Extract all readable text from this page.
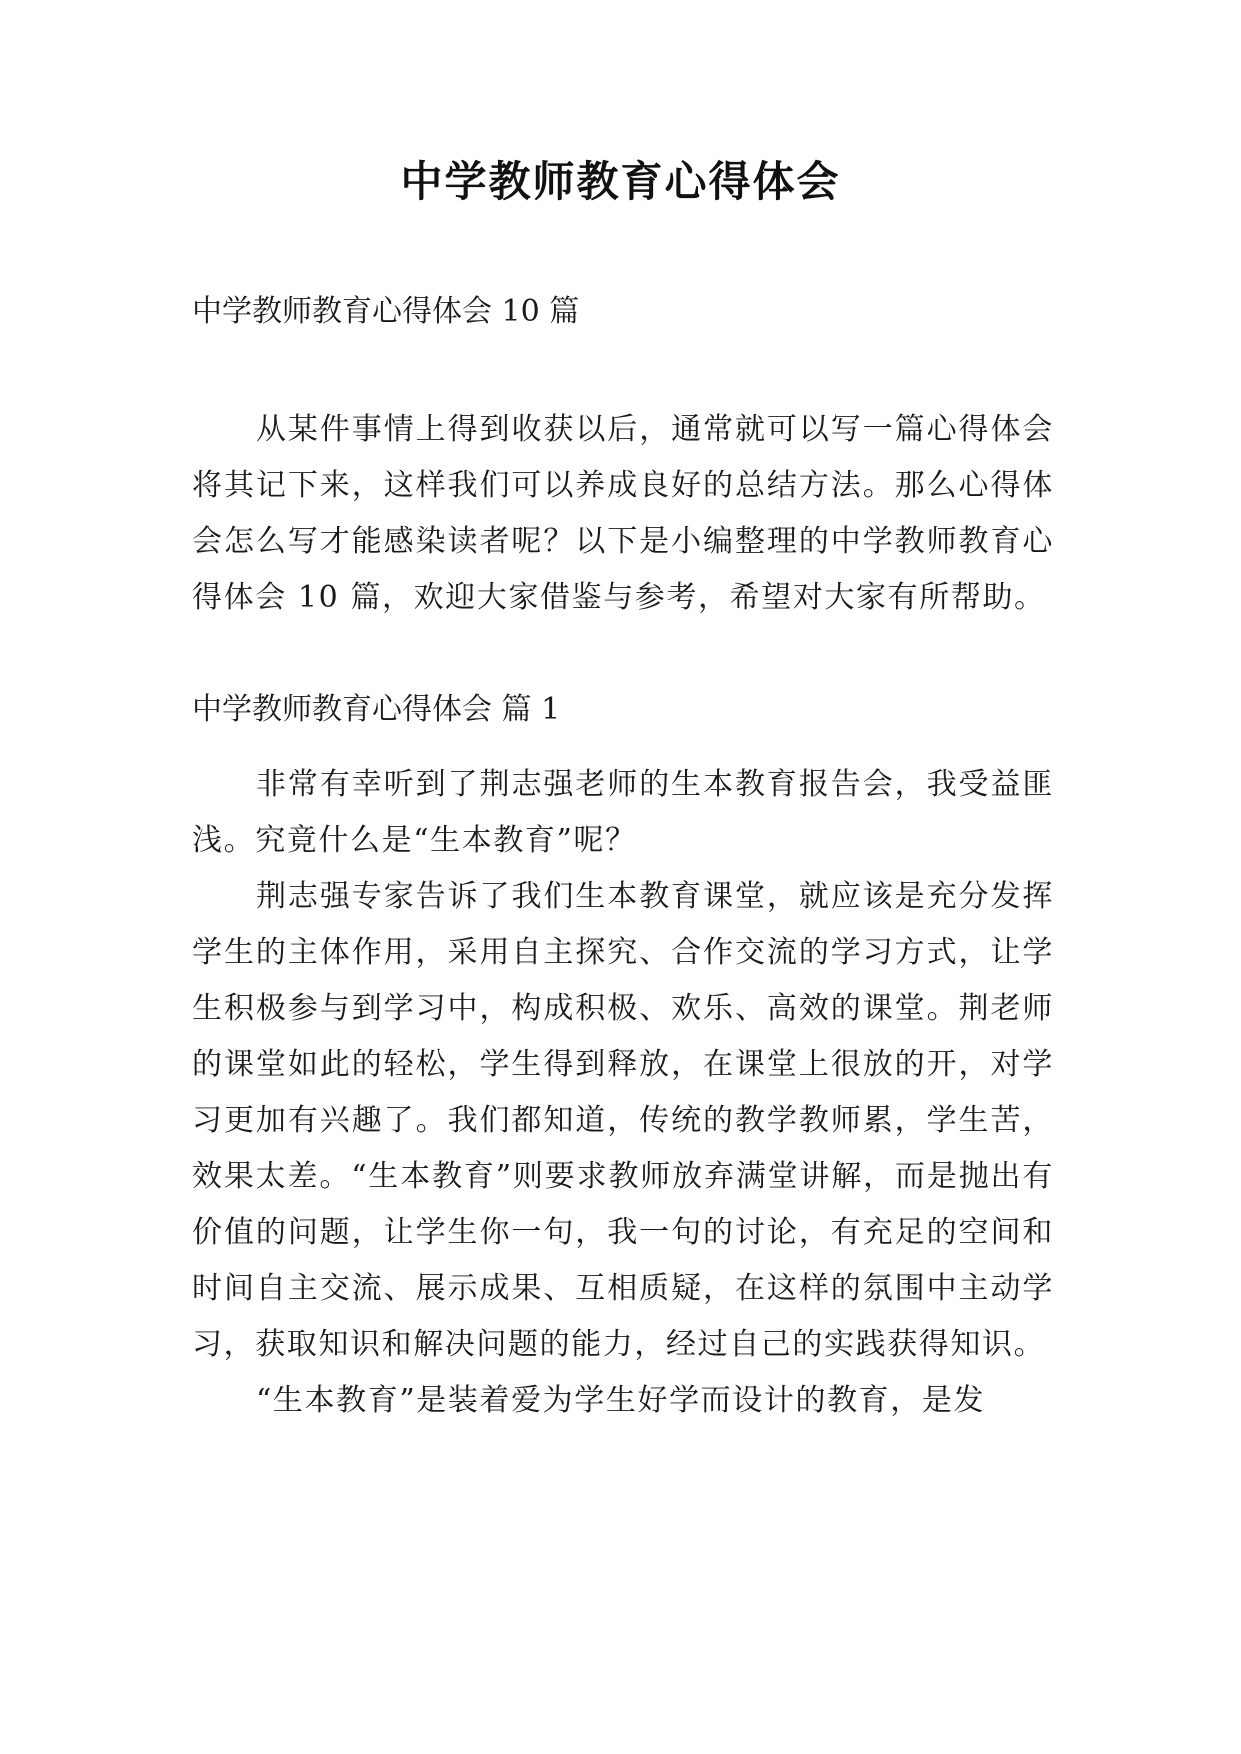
中学教师教育心得体会

中学教师教育心得体会 10 篇

从某件事情上得到收获以后，通常就可以写一篇心得体会将其记下来，这样我们可以养成良好的总结方法。那么心得体会怎么写才能感染读者呢？以下是小编整理的中学教师教育心得体会 10 篇，欢迎大家借鉴与参考，希望对大家有所帮助。

中学教师教育心得体会 篇 1

非常有幸听到了荆志强老师的生本教育报告会，我受益匪浅。究竟什么是“生本教育”呢？

荆志强专家告诉了我们生本教育课堂，就应该是充分发挥学生的主体作用，采用自主探究、合作交流的学习方式，让学生积极参与到学习中，构成积极、欢乐、高效的课堂。荆老师的课堂如此的轻松，学生得到释放，在课堂上很放的开，对学习更加有兴趣了。我们都知道，传统的教学教师累，学生苦，效果太差。“生本教育”则要求教师放弃满堂讲解，而是抛出有价值的问题，让学生你一句，我一句的讨论，有充足的空间和时间自主交流、展示成果、互相质疑，在这样的氛围中主动学习，获取知识和解决问题的能力，经过自己的实践获得知识。

“生本教育”是装着爱为学生好学而设计的教育，是发
